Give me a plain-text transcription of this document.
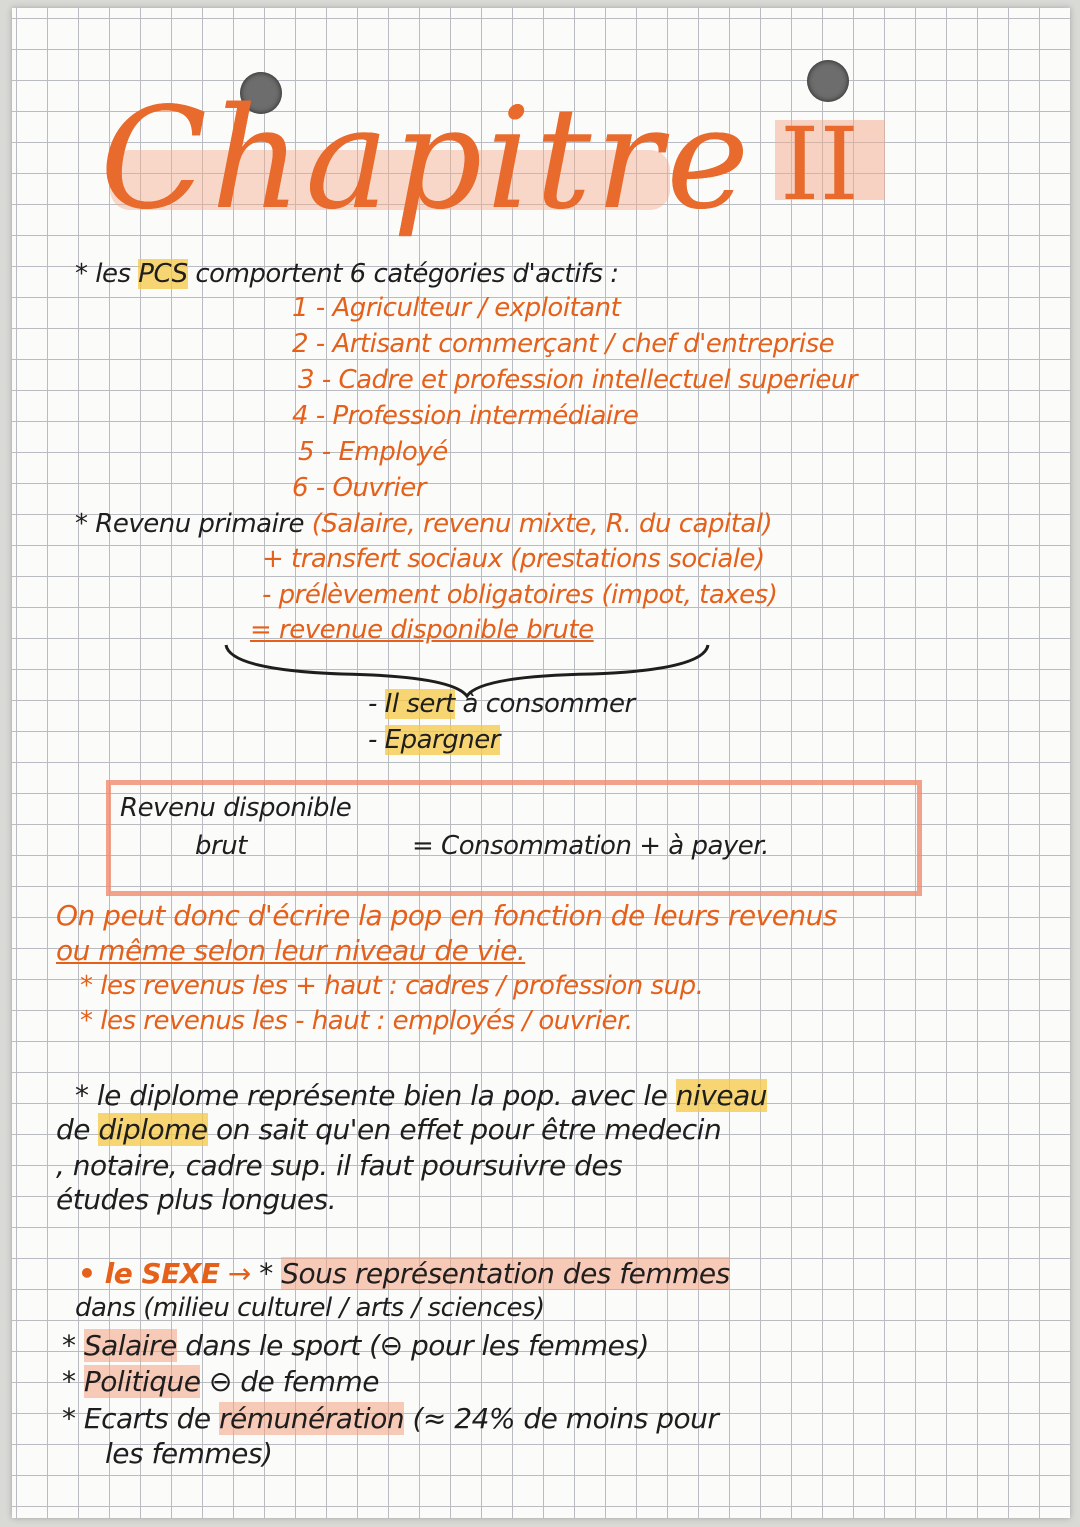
Chapitre II
* les PCS comportent 6 catégories d'actifs :
1 - Agriculteur / exploitant
2 - Artisant commerçant / chef d'entreprise
3 - Cadre et profession intellectuel superieur
4 - Profession intermédiaire
5 - Employé
6 - Ouvrier
* Revenu primaire (Salaire, revenu mixte, R. du capital)
+ transfert sociaux (prestations sociale)
- prélèvement obligatoires (impot, taxes)
= revenue disponible brute
- Il sert à consommer
- Epargner
Revenu disponible
brut	= Consommation + à payer.
On peut donc d'écrire la pop en fonction de leurs revenus
ou même selon leur niveau de vie.
* les revenus les + haut : cadres / profession sup.
* les revenus les - haut : employés / ouvrier.
* le diplome représente bien la pop. avec le niveau
de diplome on sait qu'en effet pour être medecin
, notaire, cadre sup. il faut poursuivre des
études plus longues.
• le SEXE → * Sous représentation des femmes
dans (milieu culturel / arts / sciences)
* Salaire dans le sport (⊖ pour les femmes)
* Politique ⊖ de femme
* Ecarts de rémunération (≈ 24% de moins pour
les femmes)
